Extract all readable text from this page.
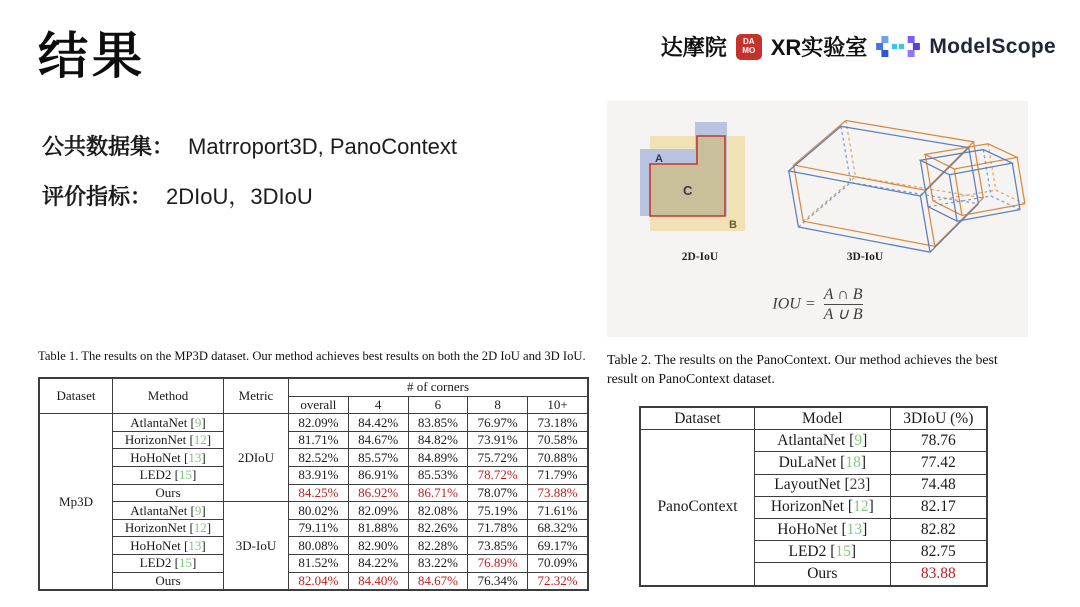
结果	达摩院 DA
MO XR实验室	ModelScope
公共数据集： Matrroport3D, PanoContext
评价指标： 2DIoU，3DIoU
A
B
C
2D-IoU	3D-IoU
IOU = $\frac{A \cap B}{A \cup B}$
Table 1. The results on the MP3D dataset. Our method achieves best results on both the 2D IoU and 3D IoU.
Dataset	Method	Metric	# of corners				
			overall	4	6	8	10+
Mp3D	AtlantaNet [9]	2DIoU	82.09%	84.42%	83.85%	76.97%	73.18%
	HorizonNet [12]		81.71%	84.67%	84.82%	73.91%	70.58%
	HoHoNet [13]		82.52%	85.57%	84.89%	75.72%	70.88%
	LED2 [15]		83.91%	86.91%	85.53%	78.72%	71.79%
	Ours		84.25%	86.92%	86.71%	78.07%	73.88%
	AtlantaNet [9]	3D-IoU	80.02%	82.09%	82.08%	75.19%	71.61%
	HorizonNet [12]		79.11%	81.88%	82.26%	71.78%	68.32%
	HoHoNet [13]		80.08%	82.90%	82.28%	73.85%	69.17%
	LED2 [15]		81.52%	84.22%	83.22%	76.89%	70.09%
	Ours		82.04%	84.40%	84.67%	76.34%	72.32%
Table 2. The results on the PanoContext. Our method achieves the best result on PanoContext dataset.
Dataset	Model	3DIoU (%)
PanoContext	AtlantaNet [9]	78.76
	DuLaNet [18]	77.42
	LayoutNet [23]	74.48
	HorizonNet [12]	82.17
	HoHoNet [13]	82.82
	LED2 [15]	82.75
	Ours	83.88
